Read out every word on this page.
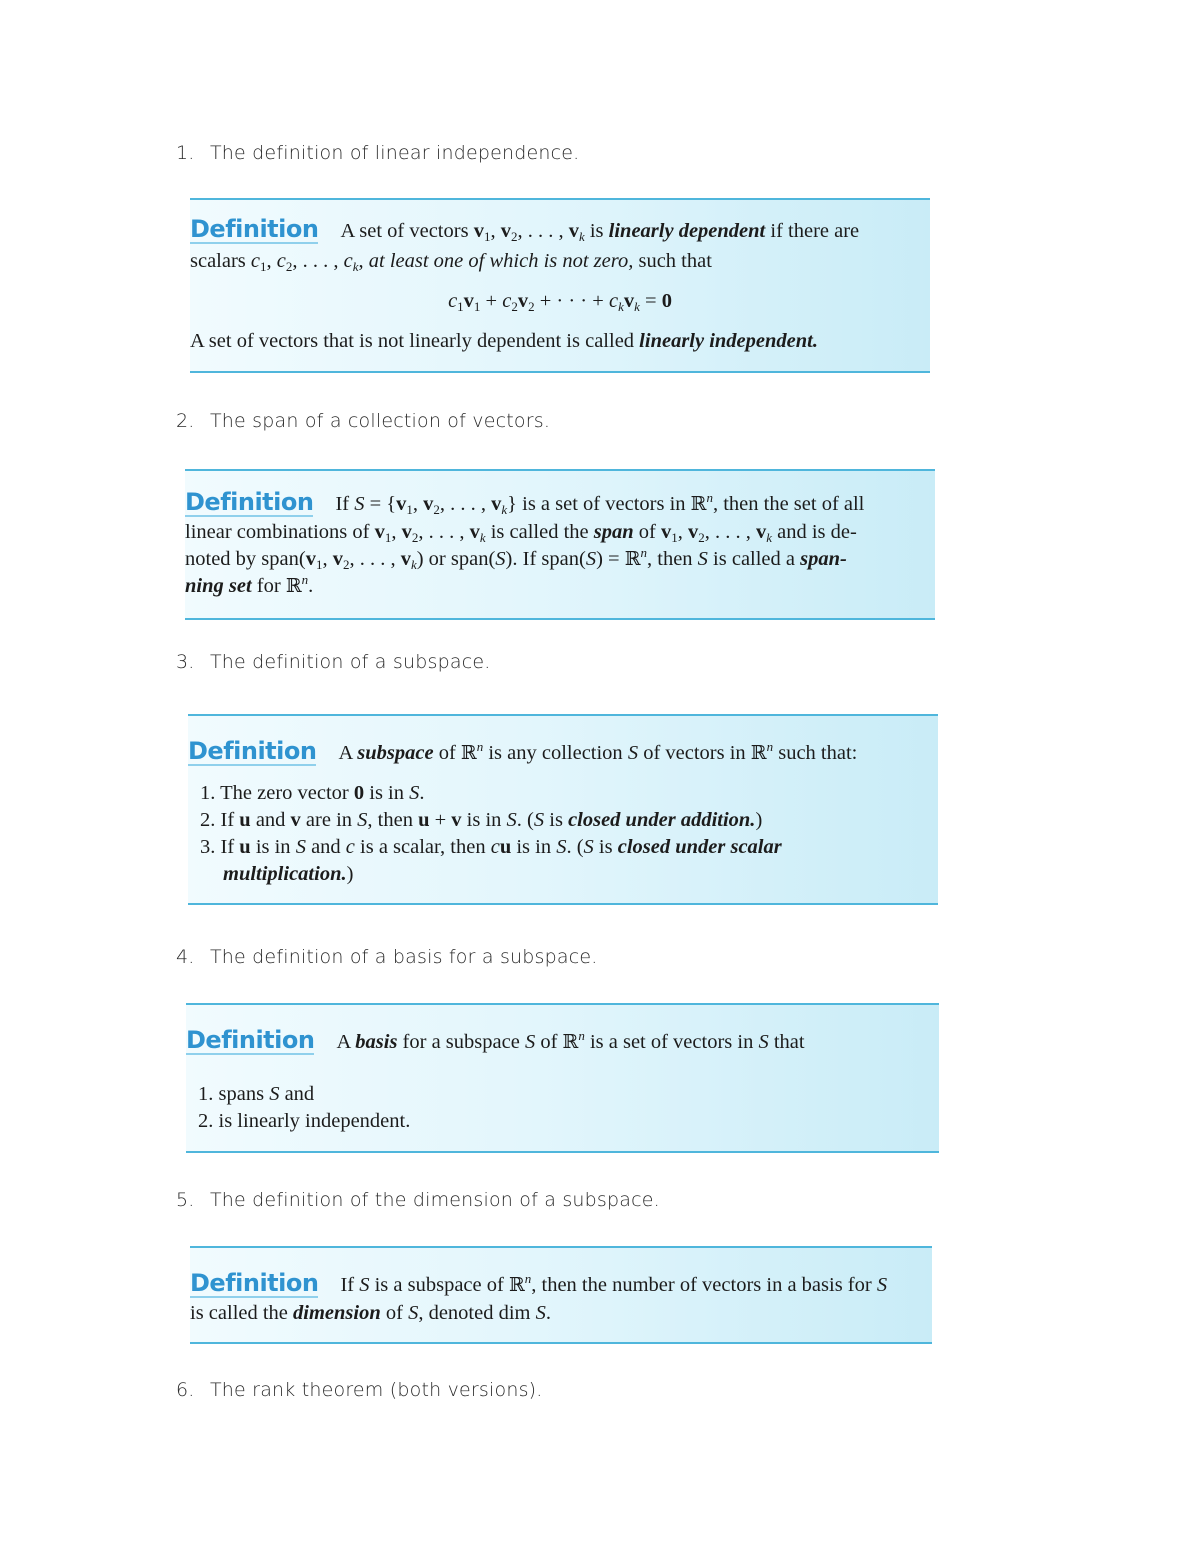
1. The definition of linear independence.
Definition A set of vectors $v_1$, $v_2$, . . . , $v_k$ is linearly dependent if there are
scalars $c_1$, $c_2$, . . . , $c_k$, at least one of which is not zero, such that
$c_1v_1 + c_2v_2$ + · · · + $c_kv_k = 0$
A set of vectors that is not linearly dependent is called linearly independent.
2. The span of a collection of vectors.
Definition If $S = \{v_1$, $v_2$, . . . , $v_k$} is a set of vectors in ℝ$^n$, then the set of all
linear combinations of $v_1$, $v_2$, . . . , $v_k$ is called the span of $v_1$, $v_2$, . . . , $v_k$ and is de-
noted by $span(v_1$, $v_2$, . . . , $v_k$) or span(S). If span(S) = ℝ$^n$, then S is called a span-
ning set for ℝ$^n$.
3. The definition of a subspace.
Definition A subspace of ℝ$^n$ is any collection S of vectors in ℝ$^n$ such that:
1. The zero vector 0 is in S.
2. If u and v are in S, then u + v is in S. (S is closed under addition.)
3. If u is in S and c is a scalar, then cu is in S. (S is closed under scalar
multiplication.)
4. The definition of a basis for a subspace.
Definition A basis for a subspace S of ℝ$^n$ is a set of vectors in S that
1. spans S and
2. is linearly independent.
5. The definition of the dimension of a subspace.
Definition If S is a subspace of ℝ$^n$, then the number of vectors in a basis for S
is called the dimension of S, denoted dim S.
6. The rank theorem (both versions).
